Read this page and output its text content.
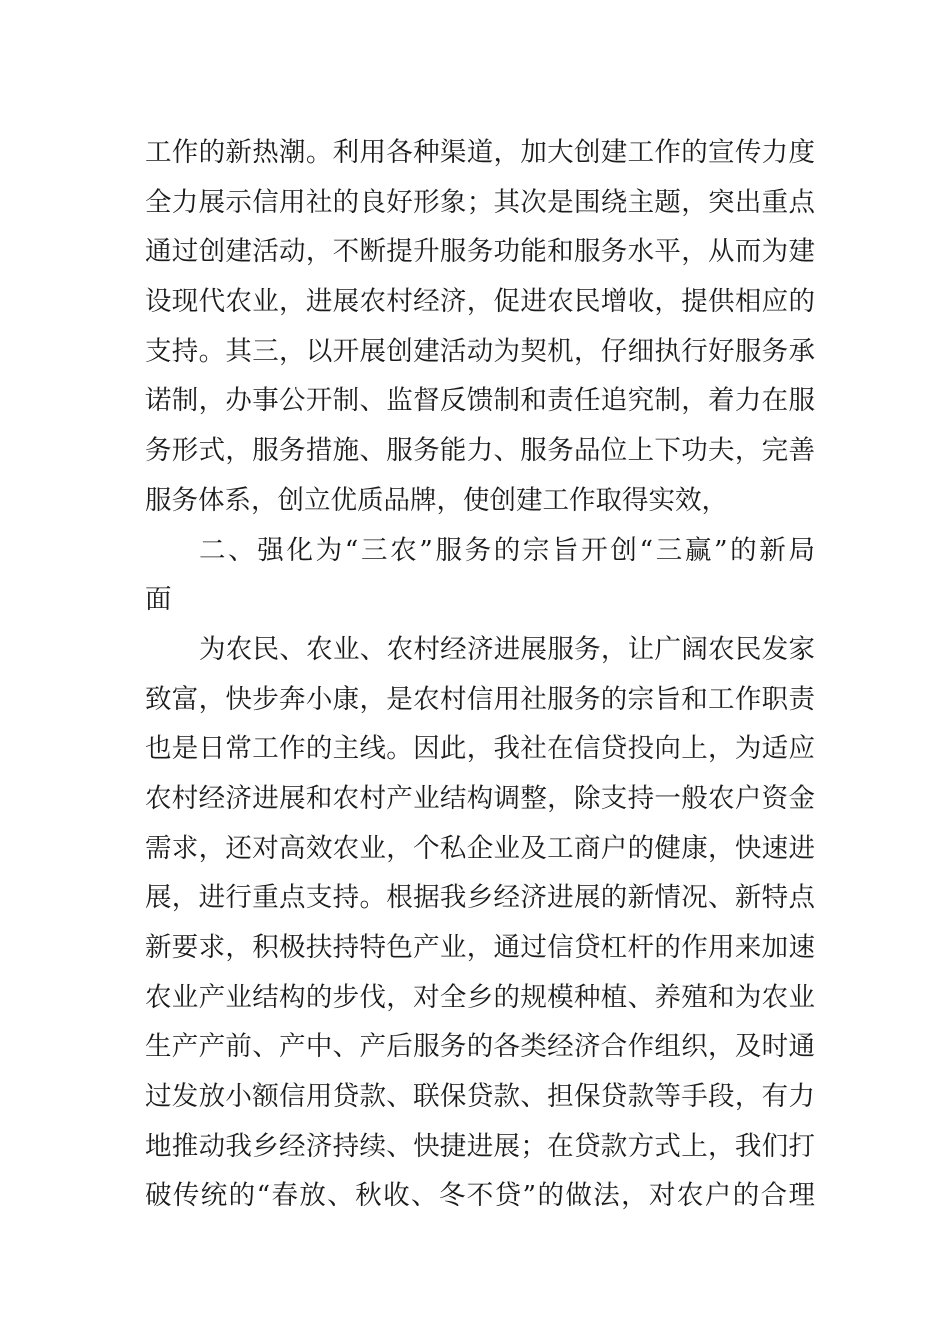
工作的新热潮。利用各种渠道，加大创建工作的宣传力度
全力展示信用社的良好形象；其次是围绕主题，突出重点
通过创建活动，不断提升服务功能和服务水平，从而为建
设现代农业，进展农村经济，促进农民增收，提供相应的
支持。其三，以开展创建活动为契机，仔细执行好服务承
诺制，办事公开制、监督反馈制和责任追究制，着力在服
务形式，服务措施、服务能力、服务品位上下功夫，完善
服务体系，创立优质品牌，使创建工作取得实效，
二、强化为“三农”服务的宗旨开创“三赢”的新局
面
为农民、农业、农村经济进展服务，让广阔农民发家
致富，快步奔小康，是农村信用社服务的宗旨和工作职责
也是日常工作的主线。因此，我社在信贷投向上，为适应
农村经济进展和农村产业结构调整，除支持一般农户资金
需求，还对高效农业，个私企业及工商户的健康，快速进
展，进行重点支持。根据我乡经济进展的新情况、新特点
新要求，积极扶持特色产业，通过信贷杠杆的作用来加速
农业产业结构的步伐，对全乡的规模种植、养殖和为农业
生产产前、产中、产后服务的各类经济合作组织，及时通
过发放小额信用贷款、联保贷款、担保贷款等手段，有力
地推动我乡经济持续、快捷进展；在贷款方式上，我们打
破传统的“春放、秋收、冬不贷”的做法，对农户的合理
